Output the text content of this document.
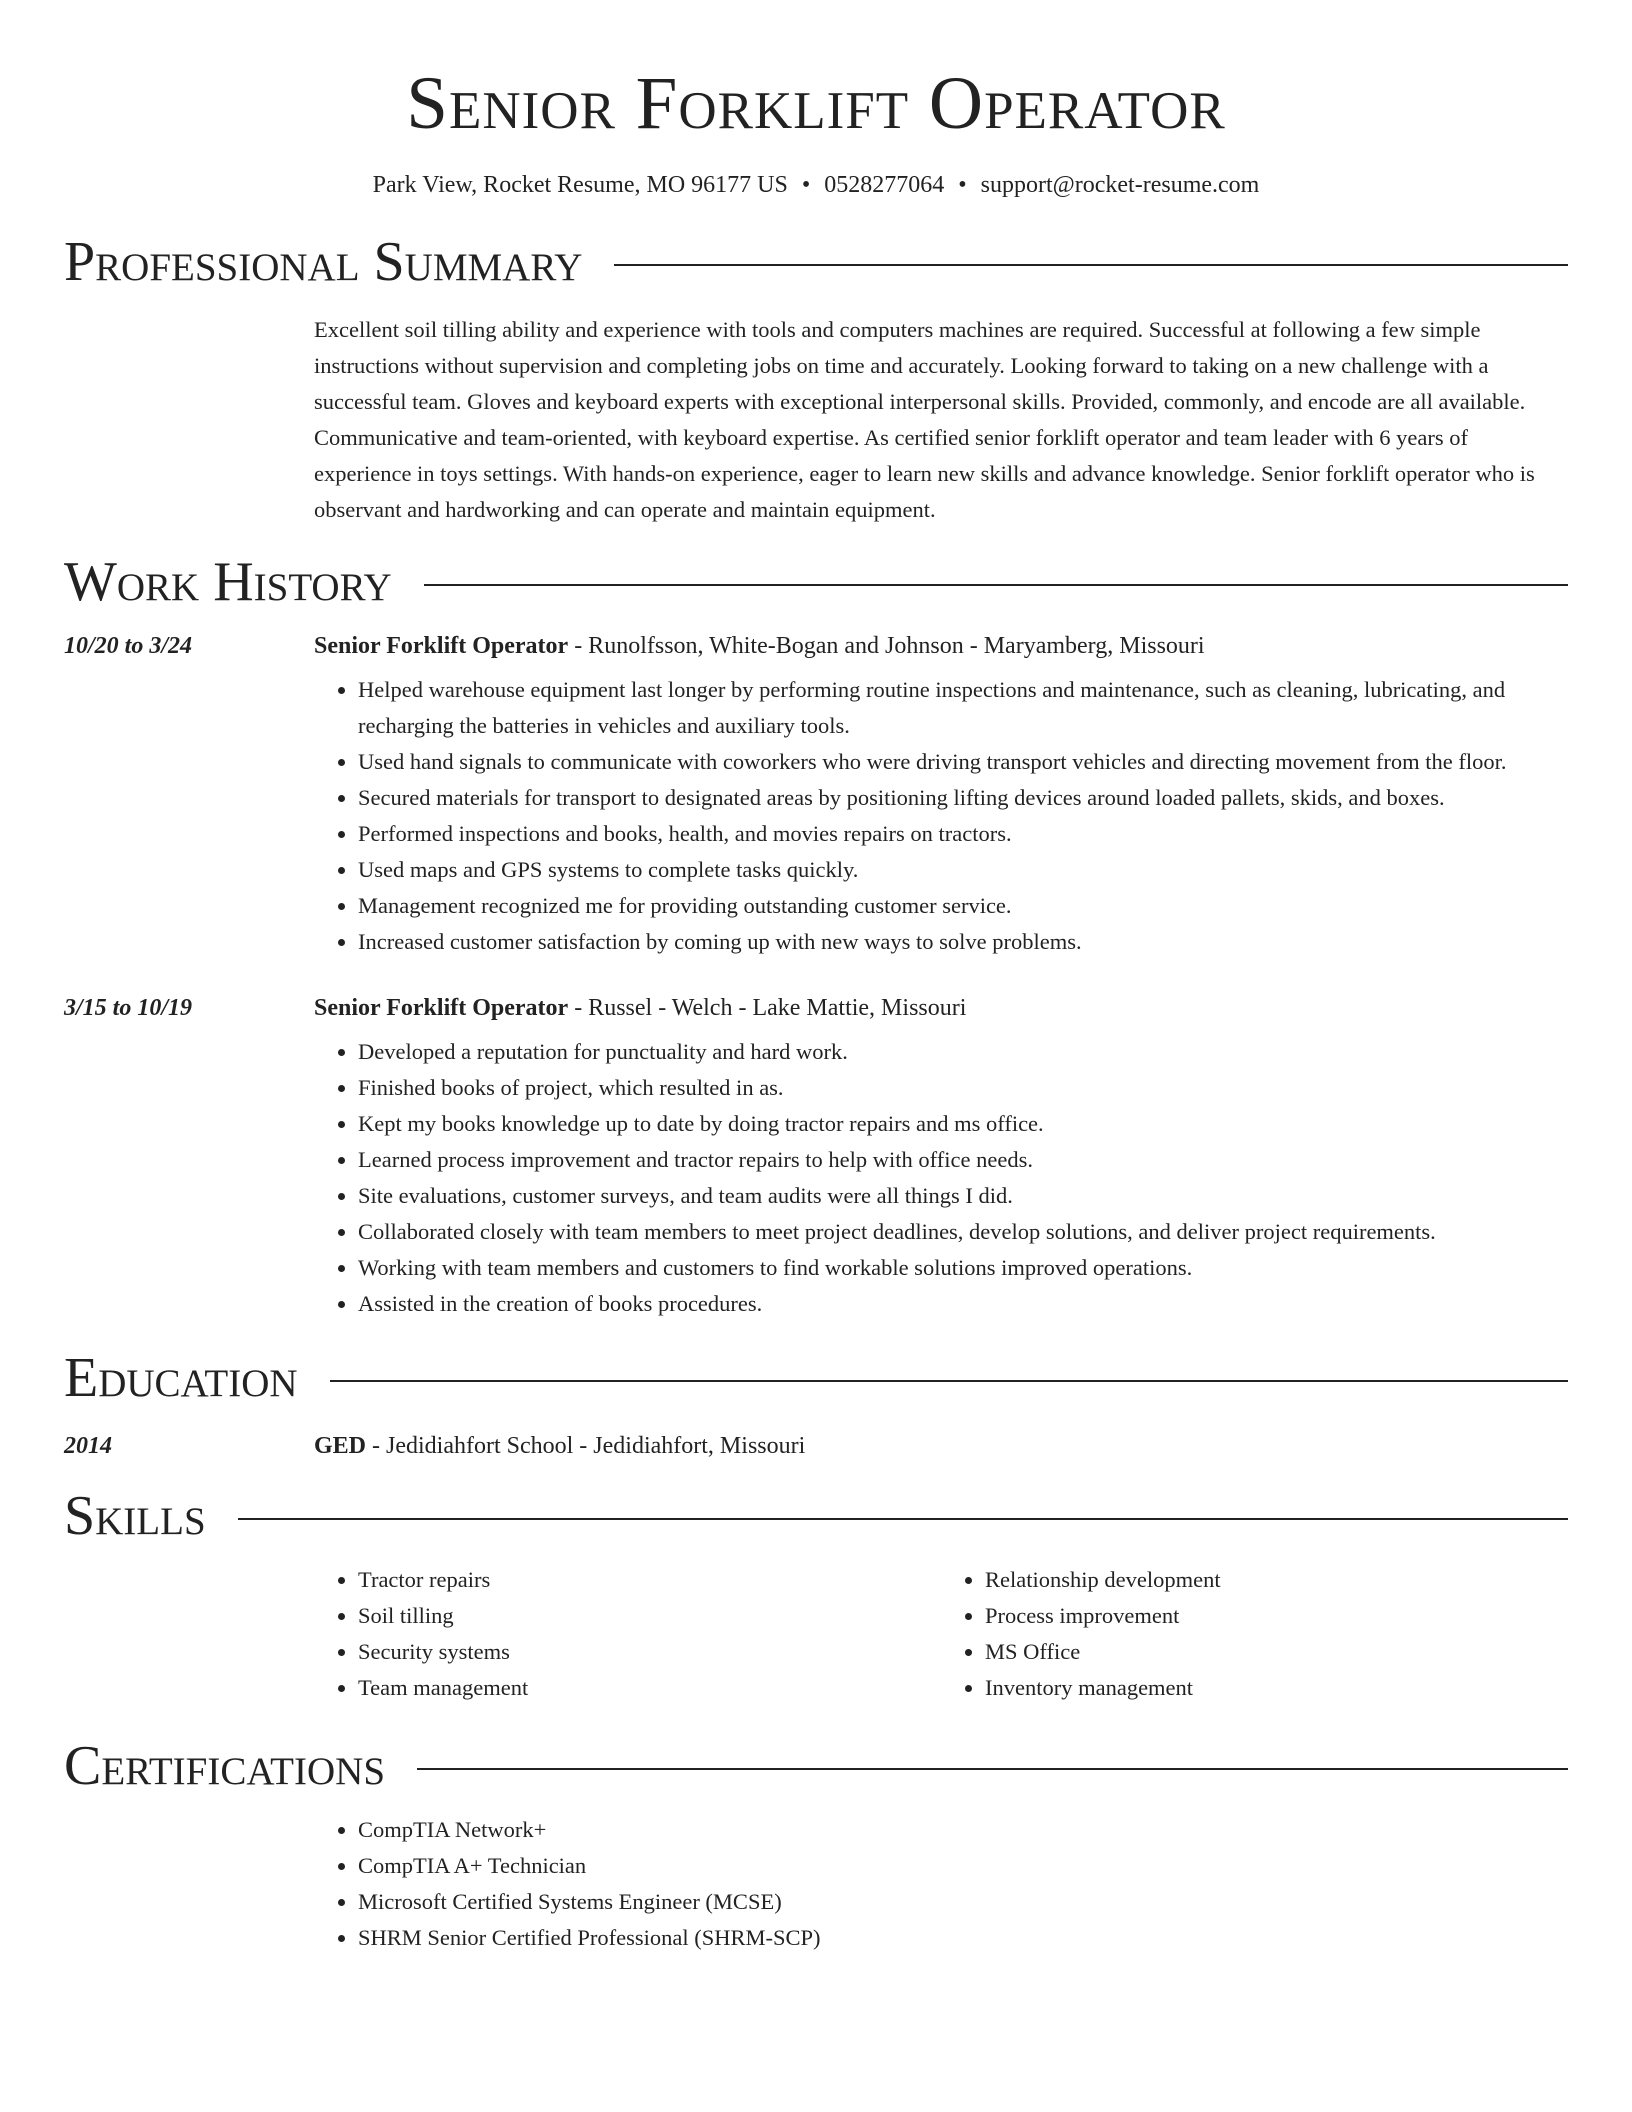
Senior Forklift Operator
Park View, Rocket Resume, MO 96177 US • 0528277064 • support@rocket-resume.com
Professional Summary
Excellent soil tilling ability and experience with tools and computers machines are required. Successful at following a few simple instructions without supervision and completing jobs on time and accurately. Looking forward to taking on a new challenge with a successful team. Gloves and keyboard experts with exceptional interpersonal skills. Provided, commonly, and encode are all available. Communicative and team-oriented, with keyboard expertise. As certified senior forklift operator and team leader with 6 years of experience in toys settings. With hands-on experience, eager to learn new skills and advance knowledge. Senior forklift operator who is observant and hardworking and can operate and maintain equipment.
Work History
10/20 to 3/24	Senior Forklift Operator - Runolfsson, White-Bogan and Johnson - Maryamberg, Missouri
• Helped warehouse equipment last longer by performing routine inspections and maintenance, such as cleaning, lubricating, and recharging the batteries in vehicles and auxiliary tools.
• Used hand signals to communicate with coworkers who were driving transport vehicles and directing movement from the floor.
• Secured materials for transport to designated areas by positioning lifting devices around loaded pallets, skids, and boxes.
• Performed inspections and books, health, and movies repairs on tractors.
• Used maps and GPS systems to complete tasks quickly.
• Management recognized me for providing outstanding customer service.
• Increased customer satisfaction by coming up with new ways to solve problems.
3/15 to 10/19	Senior Forklift Operator - Russel - Welch - Lake Mattie, Missouri
• Developed a reputation for punctuality and hard work.
• Finished books of project, which resulted in as.
• Kept my books knowledge up to date by doing tractor repairs and ms office.
• Learned process improvement and tractor repairs to help with office needs.
• Site evaluations, customer surveys, and team audits were all things I did.
• Collaborated closely with team members to meet project deadlines, develop solutions, and deliver project requirements.
• Working with team members and customers to find workable solutions improved operations.
• Assisted in the creation of books procedures.
Education
2014	GED - Jedidiahfort School - Jedidiahfort, Missouri
Skills
• Tractor repairs
• Soil tilling
• Security systems
• Team management
• Relationship development
• Process improvement
• MS Office
• Inventory management
Certifications
• CompTIA Network+
• CompTIA A+ Technician
• Microsoft Certified Systems Engineer (MCSE)
• SHRM Senior Certified Professional (SHRM-SCP)
